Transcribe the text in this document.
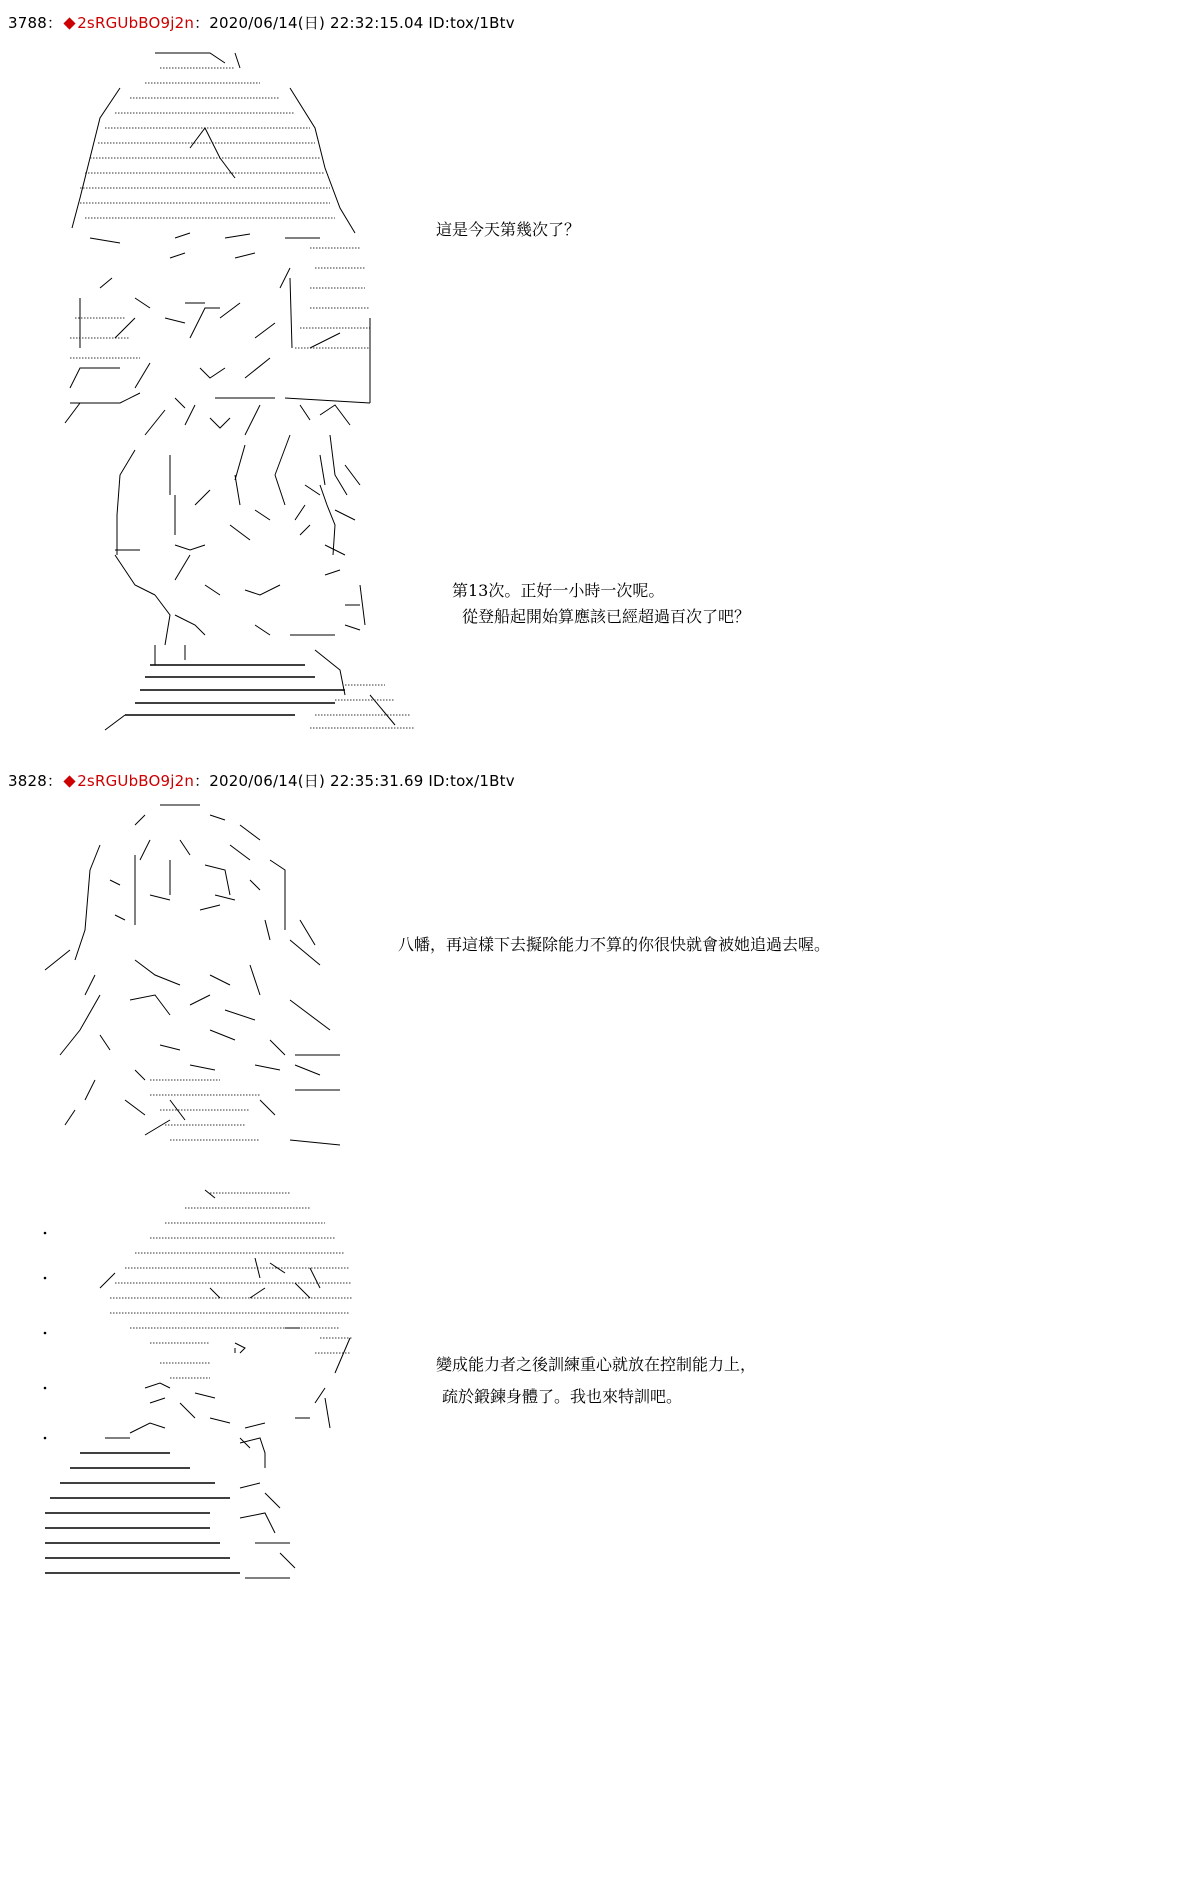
3788： 2sRGUbBO9j2n：2020/06/14(日) 22:32:15.04 ID:tox/1Btv
這是今天第幾次了？
第13次。正好一小時一次呢。
從登船起開始算應該已經超過百次了吧？
3828： 2sRGUbBO9j2n：2020/06/14(日) 22:35:31.69 ID:tox/1Btv
八幡，再這樣下去擬除能力不算的你很快就會被她追過去喔。
變成能力者之後訓練重心就放在控制能力上，
疏於鍛鍊身體了。我也來特訓吧。
